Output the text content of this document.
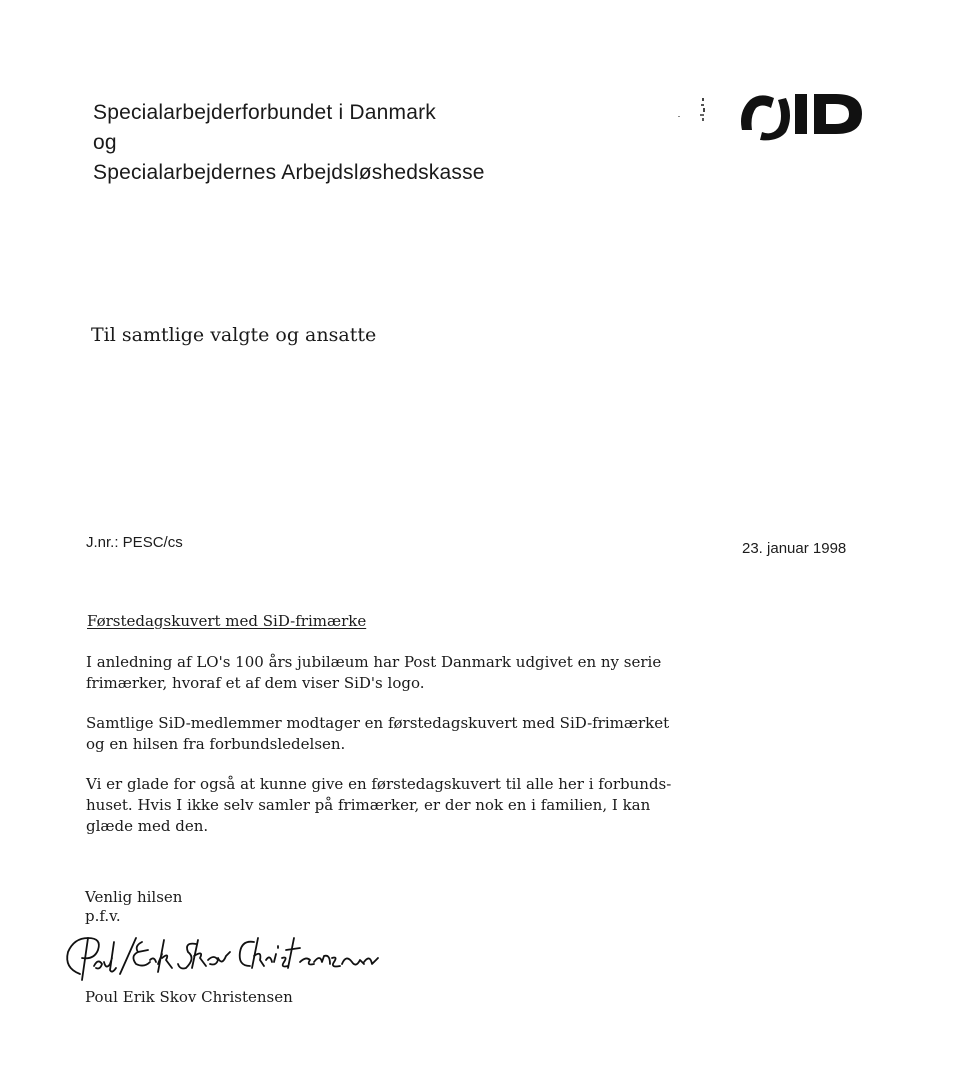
Specialarbejderforbundet i Danmark
og
Specialarbejdernes Arbejdsløshedskasse
Til samtlige valgte og ansatte
J.nr.: PESC/cs	23. januar 1998
Førstedagskuvert med SiD-frimærke
I anledning af LO's 100 års jubilæum har Post Danmark udgivet en ny serie
frimærker, hvoraf et af dem viser SiD's logo.
Samtlige SiD-medlemmer modtager en førstedagskuvert med SiD-frimærket
og en hilsen fra forbundsledelsen.
Vi er glade for også at kunne give en førstedagskuvert til alle her i forbunds-
huset. Hvis I ikke selv samler på frimærker, er der nok en i familien, I kan
glæde med den.
Venlig hilsen
p.f.v.
Poul Erik Skov Christensen
